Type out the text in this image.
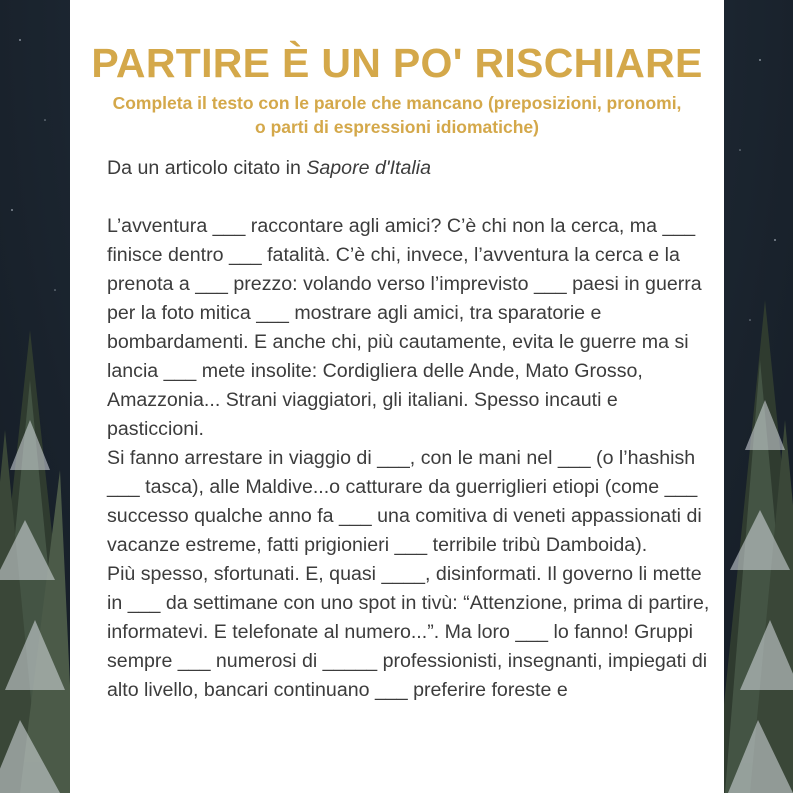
PARTIRE È UN PO' RISCHIARE
Completa il testo con le parole che mancano (preposizioni, pronomi, o parti di espressioni idiomatiche)

Da un articolo citato in Sapore d'Italia

L’avventura ___ raccontare agli amici? C’è chi non la cerca, ma ___ finisce dentro ___ fatalità. C’è chi, invece, l’avventura la cerca e la prenota a ___ prezzo: volando verso l’imprevisto ___ paesi in guerra per la foto mitica ___ mostrare agli amici, tra sparatorie e bombardamenti. E anche chi, più cautamente, evita le guerre ma si lancia ___ mete insolite: Cordigliera delle Ande, Mato Grosso, Amazzonia... Strani viaggiatori, gli italiani. Spesso incauti e pasticcioni.

Si fanno arrestare in viaggio di ___, con le mani nel ___ (o l’hashish ___ tasca), alle Maldive...o catturare da guerriglieri etiopi (come ___ successo qualche anno fa ___ una comitiva di veneti appassionati di vacanze estreme, fatti prigionieri ___ terribile tribù Damboida).

Più spesso, sfortunati. E, quasi ____, disinformati. Il governo li mette in ___ da settimane con uno spot in tivù: “Attenzione, prima di partire, informatevi. E telefonate al numero...”. Ma loro ___ lo fanno! Gruppi sempre ___ numerosi di _____ professionisti, insegnanti, impiegati di alto livello, bancari continuano ___ preferire foreste e
